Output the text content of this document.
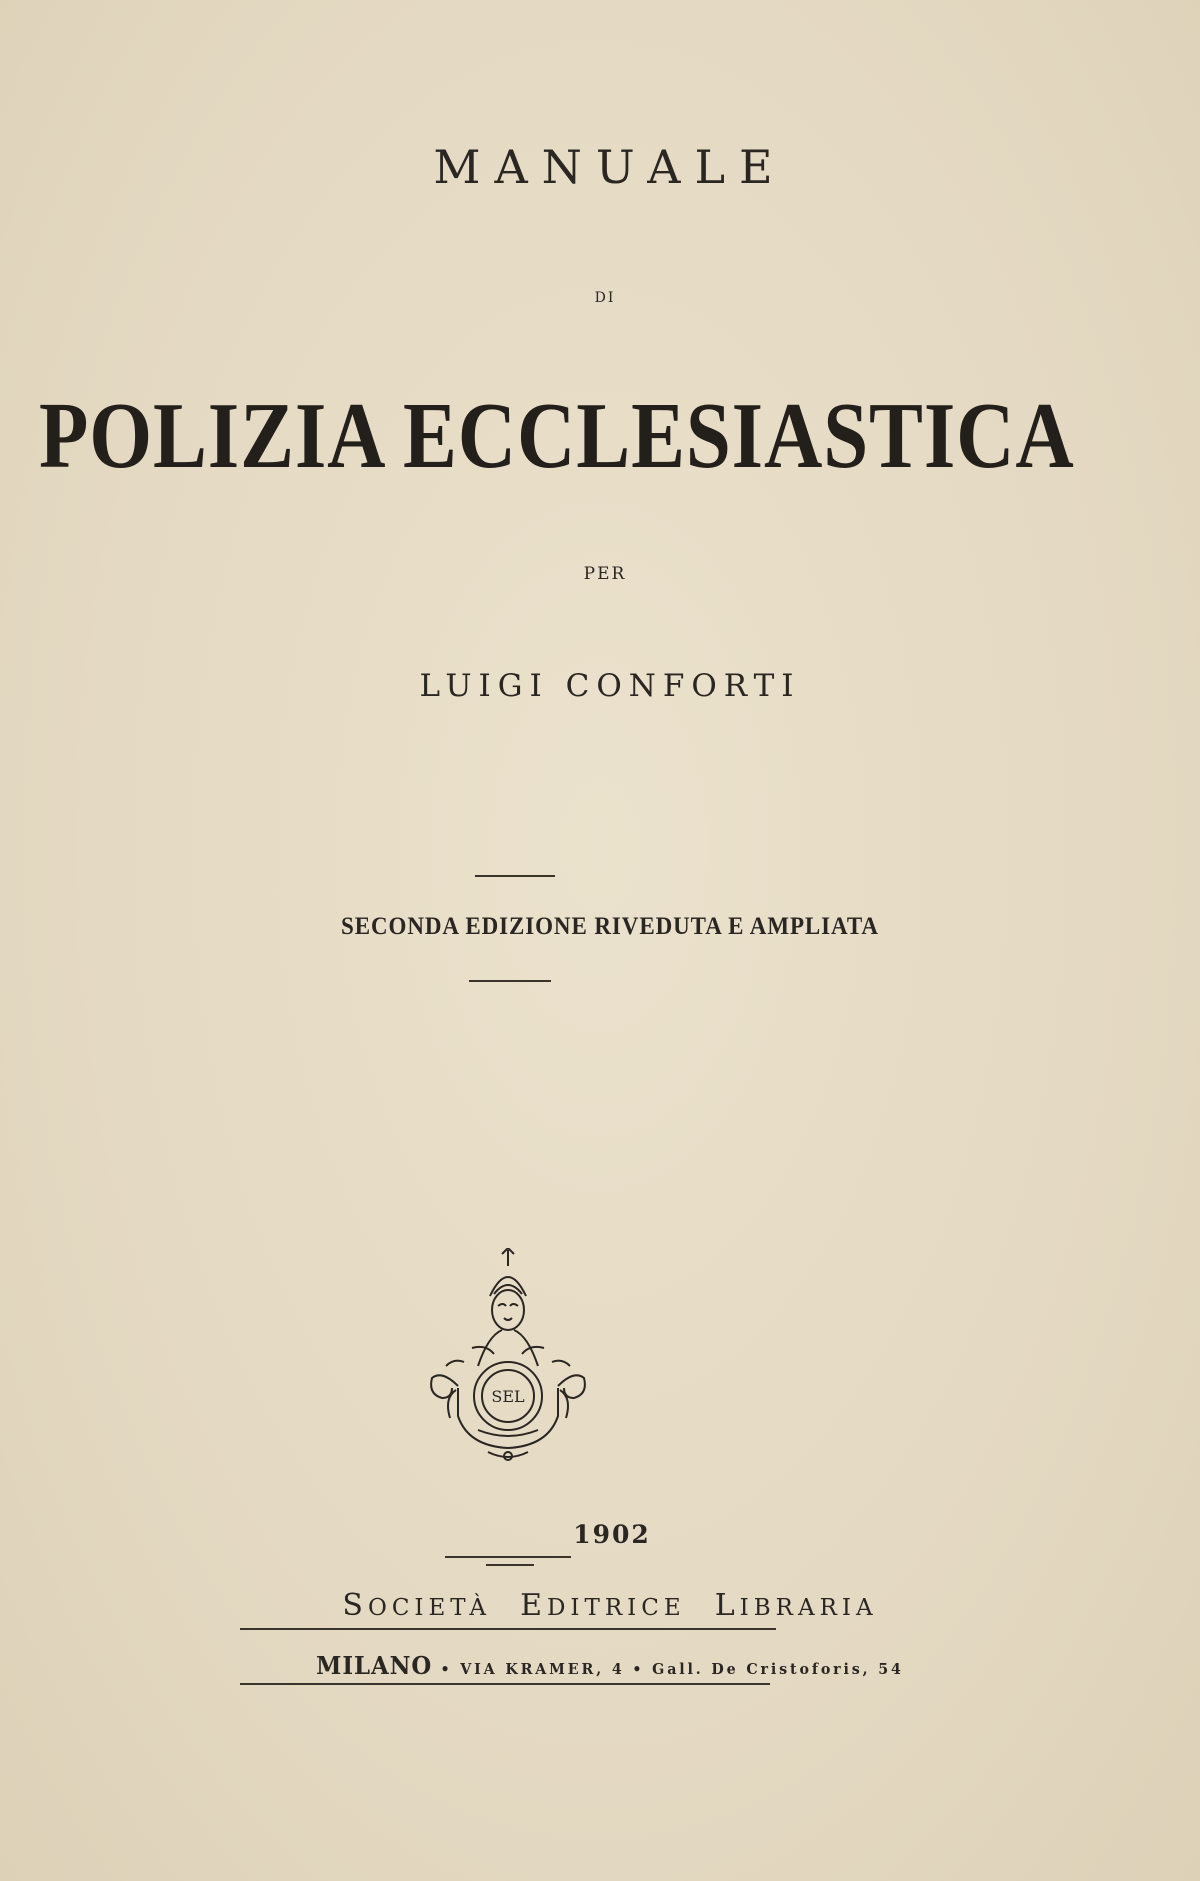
MANUALE
DI
POLIZIA ECCLESIASTICA
PER
LUIGI CONFORTI
SECONDA EDIZIONE RIVEDUTA E AMPLIATA
SEL
1902
SOCIETÀ EDITRICE LIBRARIA
MILANO • VIA KRAMER, 4 • Gall. De Cristoforis, 54
